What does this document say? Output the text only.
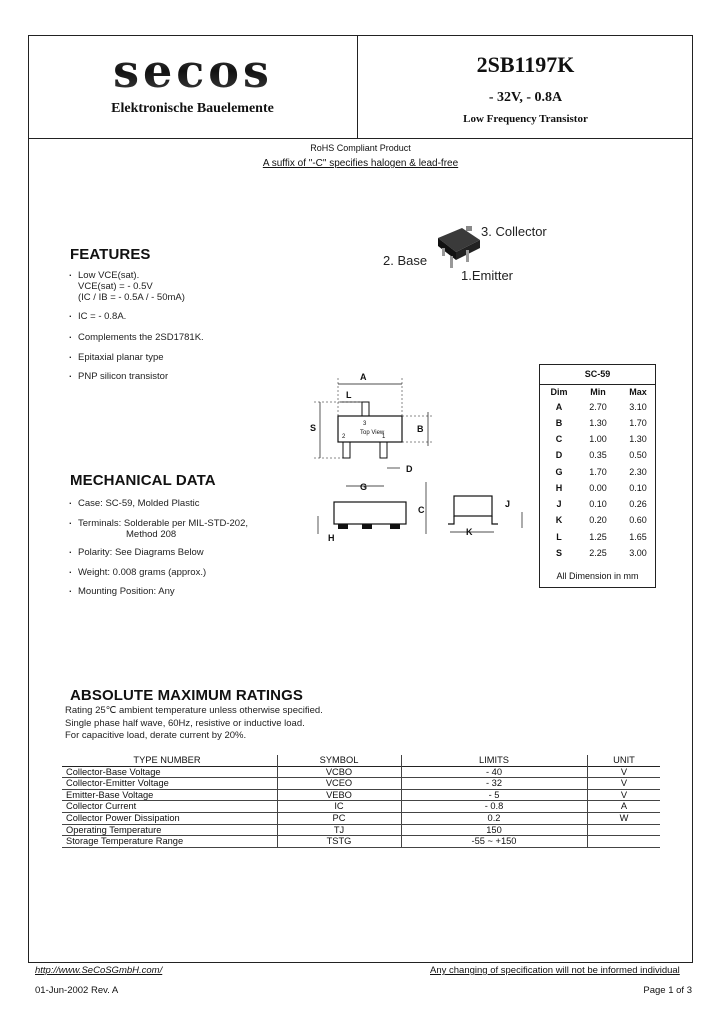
secos
Elektronische Bauelemente
2SB1197K
- 32V, - 0.8A
Low Frequency Transistor
RoHS Compliant Product
A suffix of "-C" specifies halogen & lead-free
FEATURES
. Low VCE(sat).
VCE(sat) = - 0.5V
(IC / IB = - 0.5A / - 50mA)
. IC = - 0.8A.
. Complements the 2SD1781K.
. Epitaxial planar type
. PNP silicon transistor
3. Collector
2. Base
1.Emitter
3
Top View
2	1
A
L
S	B
D
G
H
C
K
J
SC-59
Dim	Min	Max
A	2.70	3.10
B	1.30	1.70
C	1.00	1.30
D	0.35	0.50
G	1.70	2.30
H	0.00	0.10
J	0.10	0.26
K	0.20	0.60
L	1.25	1.65
S	2.25	3.00
All Dimension in mm
MECHANICAL DATA
. Case: SC-59, Molded Plastic
. Terminals: Solderable per MIL-STD-202,
Method 208
. Polarity: See Diagrams Below
. Weight: 0.008 grams (approx.)
. Mounting Position: Any
ABSOLUTE MAXIMUM RATINGS
Rating 25℃ ambient temperature unless otherwise specified.
Single phase half wave, 60Hz, resistive or inductive load.
For capacitive load, derate current by 20%.
TYPE NUMBER	SYMBOL	LIMITS	UNIT
Collector-Base Voltage	VCBO	- 40	V
Collector-Emitter Voltage	VCEO	- 32	V
Emitter-Base Voltage	VEBO	- 5	V
Collector Current	IC	- 0.8	A
Collector Power Dissipation	PC	0.2	W
Operating Temperature	TJ	150
Storage Temperature Range	TSTG	-55 ~ +150
http://www.SeCoSGmbH.com/	Any changing of specification will not be informed individual
01-Jun-2002 Rev. A	Page 1 of 3
